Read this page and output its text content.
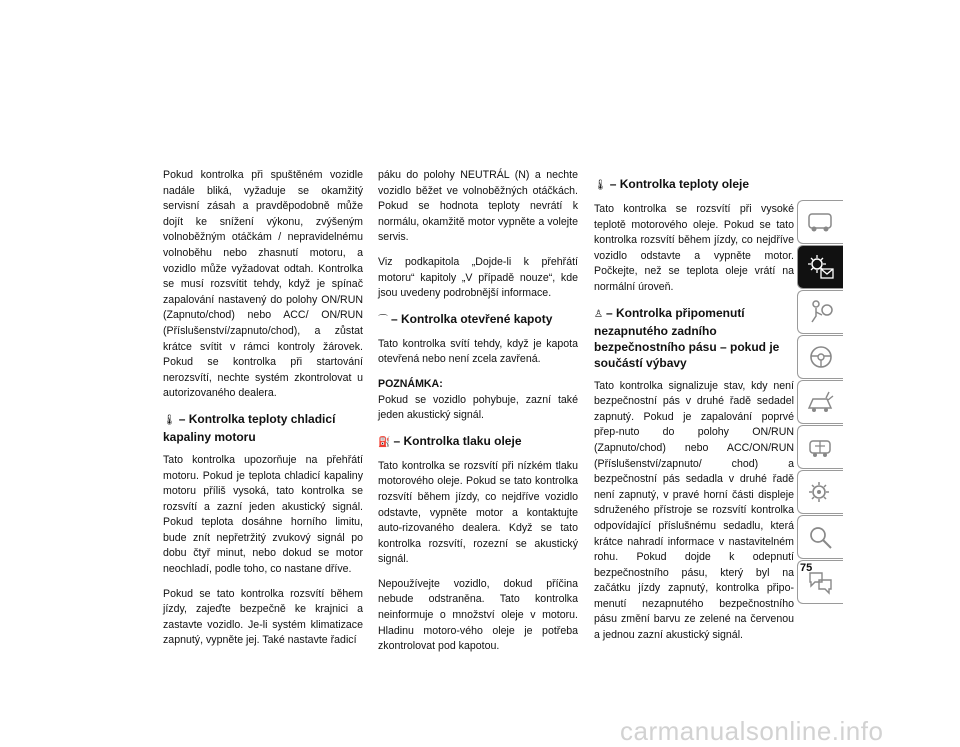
Pokud kontrolka při spuštěném vozidle nadále bliká, vyžaduje se okamžitý servisní zásah a pravděpodobně může dojít ke snížení výkonu, zvýšeným volnoběžným otáčkám / nepravidelnému volnoběhu nebo zhasnutí motoru, a vozidlo může vyžadovat odtah. Kontrolka se musí rozsvítit tehdy, když je spínač zapalování nastavený do polohy ON/RUN (Zapnuto/chod) nebo ACC/ ON/RUN (Příslušenství/zapnuto/chod), a zůstat krátce svítit v rámci kontroly žárovek. Pokud se kontrolka při startování nerozsvítí, nechte systém zkontrolovat u autorizovaného dealera.

🌡 – Kontrolka teploty chladicí kapaliny motoru

Tato kontrolka upozorňuje na přehřátí motoru. Pokud je teplota chladicí kapaliny motoru příliš vysoká, tato kontrolka se rozsvítí a zazní jeden akustický signál. Pokud teplota dosáhne horního limitu, bude znít nepřetržitý zvukový signál po dobu čtyř minut, nebo dokud se motor neochladí, podle toho, co nastane dříve.

Pokud se tato kontrolka rozsvítí během jízdy, zajeďte bezpečně ke krajnici a zastavte vozidlo. Je-li systém klimatizace zapnutý, vypněte jej. Také nastavte řadicí

páku do polohy NEUTRÁL (N) a nechte vozidlo běžet ve volnoběžných otáčkách. Pokud se hodnota teploty nevrátí k normálu, okamžitě motor vypněte a volejte servis.

Viz podkapitola „Dojde-li k přehřátí motoru“ kapitoly „V případě nouze“, kde jsou uvedeny podrobnější informace.

⌒ – Kontrolka otevřené kapoty

Tato kontrolka svítí tehdy, když je kapota otevřená nebo není zcela zavřená.

POZNÁMKA:
Pokud se vozidlo pohybuje, zazní také jeden akustický signál.

⛽ – Kontrolka tlaku oleje

Tato kontrolka se rozsvítí při nízkém tlaku motorového oleje. Pokud se tato kontrolka rozsvítí během jízdy, co nejdříve vozidlo odstavte, vypněte motor a kontaktujte auto-rizovaného dealera. Když se tato kontrolka rozsvítí, rozezní se akustický signál.

Nepoužívejte vozidlo, dokud příčina nebude odstraněna. Tato kontrolka neinformuje o množství oleje v motoru. Hladinu motoro-vého oleje je potřeba zkontrolovat pod kapotou.

🌡 – Kontrolka teploty oleje

Tato kontrolka se rozsvítí při vysoké teplotě motorového oleje. Pokud se tato kontrolka rozsvítí během jízdy, co nejdříve vozidlo odstavte a vypněte motor. Počkejte, než se teplota oleje vrátí na normální úroveň.

♙ – Kontrolka připomenutí nezapnutého zadního bezpečnostního pásu – pokud je součástí výbavy

Tato kontrolka signalizuje stav, kdy není bezpečnostní pás v druhé řadě sedadel zapnutý. Pokud je zapalování poprvé přep-nuto do polohy ON/RUN (Zapnuto/chod) nebo ACC/ON/RUN (Příslušenství/zapnuto/ chod) a bezpečnostní pás sedadla v druhé řadě není zapnutý, v pravé horní části displeje sdruženého přístroje se rozsvítí kontrolka odpovídající příslušnému sedadlu, která krátce nahradí informace v nastavitelném rohu. Pokud dojde k odepnutí bezpečnostního pásu, který byl na začátku jízdy zapnutý, kontrolka připo-menutí nezapnutého bezpečnostního pásu změní barvu ze zelené na červenou a jednou zazní akustický signál.

75
carmanualsonline.info
